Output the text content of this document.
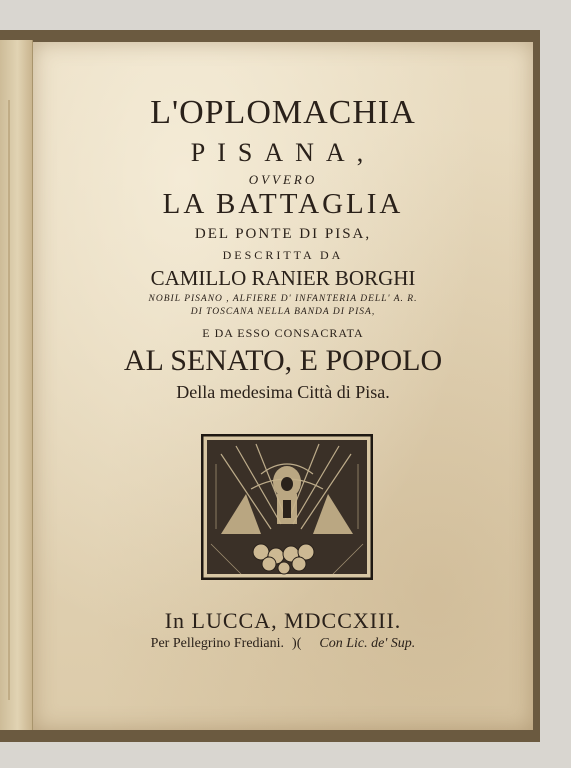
L'OPLOMACHIA
PISANA,
OVVERO
LA BATTAGLIA
DEL PONTE DI PISA,
DESCRITTA DA
CAMILLO RANIER BORGHI
NOBIL PISANO , ALFIERE D' INFANTERIA DELL' A. R.
DI TOSCANA NELLA BANDA DI PISA,
E DA ESSO CONSACRATA
AL SENATO, E POPOLO
Della medesima Città di Pisa.
In LUCCA, MDCCXIII.
Per Pellegrino Frediani. )( Con Lic. de' Sup.
